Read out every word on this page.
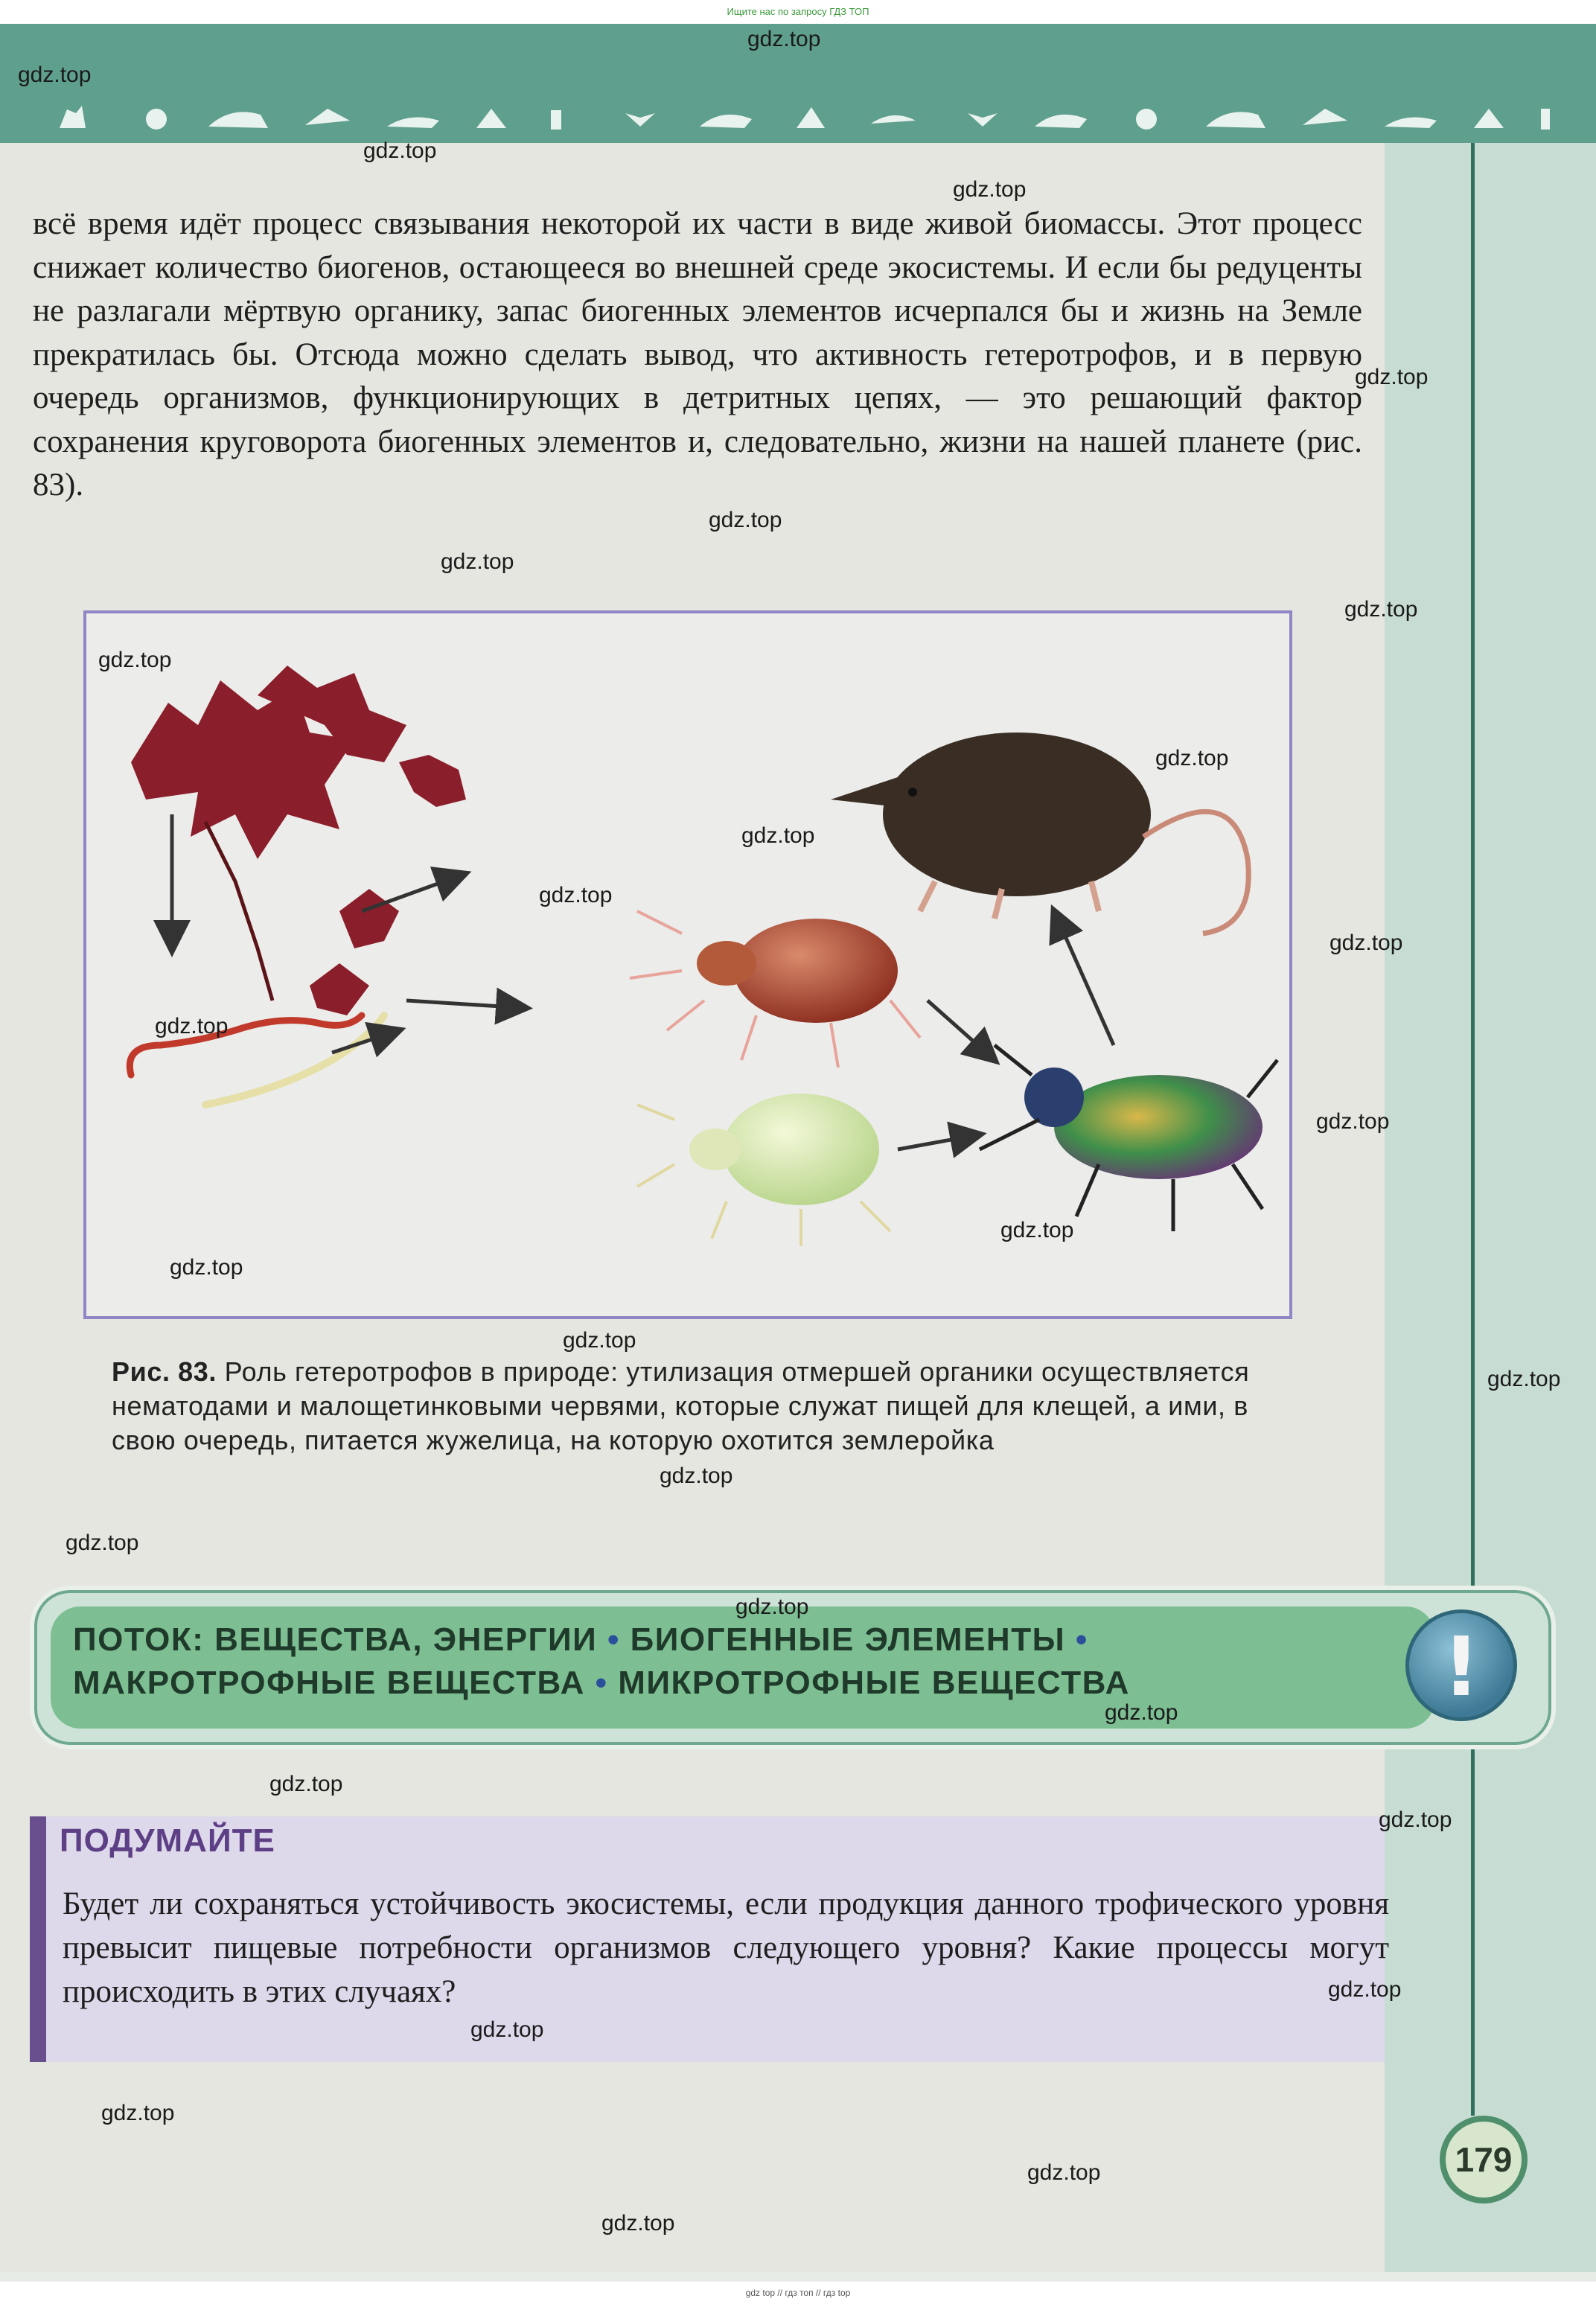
Ищите нас по запросу ГДЗ ТОП

всё время идёт процесс связывания некоторой их части в виде живой биомассы. Этот процесс снижает количество биогенов, остающееся во внешней среде экосистемы. И если бы редуценты не разлагали мёртвую органику, запас биогенных элементов исчерпался бы и жизнь на Земле прекратилась бы. Отсюда можно сделать вывод, что активность гетеротрофов, и в первую очередь организмов, функционирующих в детритных цепях, — это решающий фактор сохранения круговорота биогенных элементов и, следовательно, жизни на нашей планете (рис. 83).

Рис. 83. Роль гетеротрофов в природе: утилизация отмершей органики осуществляется нематодами и малощетинковыми червями, которые служат пищей для клещей, а ими, в свою очередь, питается жужелица, на которую охотится землеройка
ПОТОК: ВЕЩЕСТВА, ЭНЕРГИИ • БИОГЕННЫЕ ЭЛЕМЕНТЫ •
МАКРОТРОФНЫЕ ВЕЩЕСТВА • МИКРОТРОФНЫЕ ВЕЩЕСТВА	!
ПОДУМАЙТЕ
Будет ли сохраняться устойчивость экосистемы, если продукция данного трофического уровня превысит пищевые потребности организмов следующего уровня? Какие процессы могут происходить в этих случаях?
179
gdz.top
gdz.top
gdz.top
gdz.top
gdz.top
gdz.top
gdz.top
gdz.top
gdz.top
gdz.top
gdz.top
gdz.top
gdz.top
gdz.top
gdz.top
gdz.top
gdz.top
gdz.top
gdz.top
gdz.top
gdz.top
gdz.top
gdz.top
gdz.top
gdz.top
gdz.top
gdz.top
gdz.top
gdz.top
gdz.top
gdz top // гдз топ // гдз top
